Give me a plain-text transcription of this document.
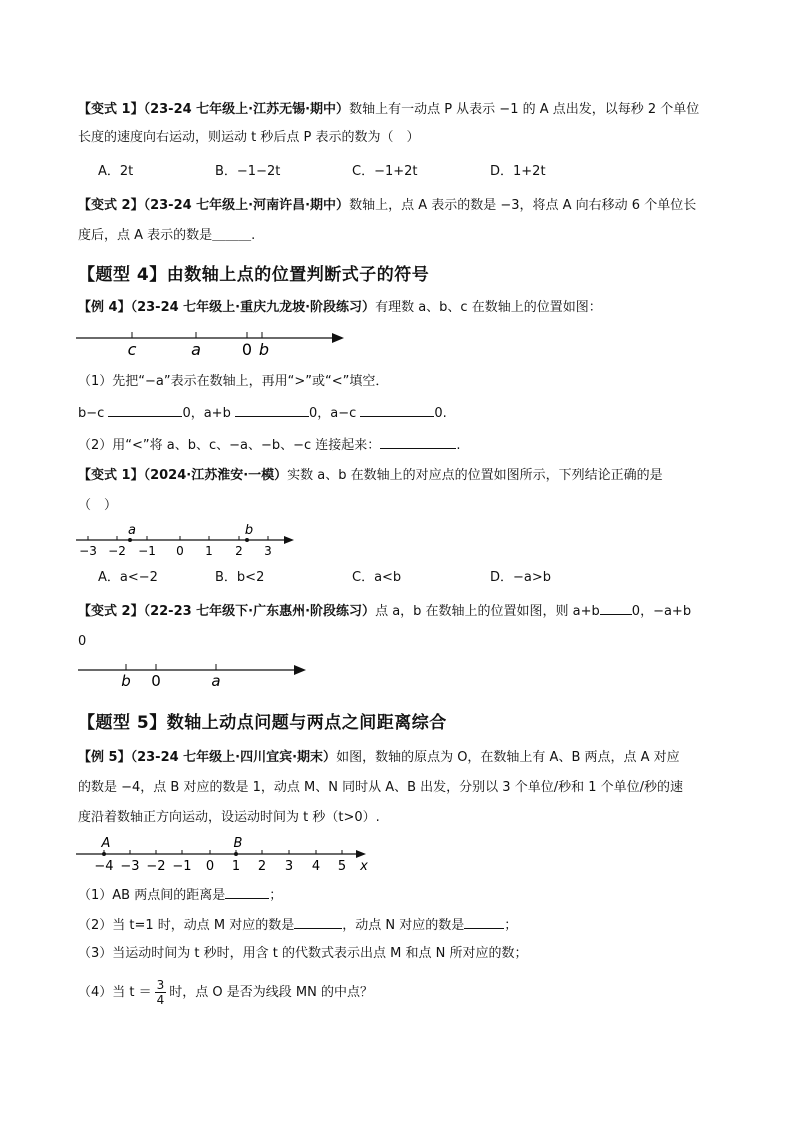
【变式 1】（23-24 七年级上·江苏无锡·期中）数轴上有一动点 P 从表示 −1 的 A 点出发，以每秒 2 个单位
长度的速度向右运动，则运动 t 秒后点 P 表示的数为（　）
A．2t	B．−1−2t	C．−1+2t	D．1+2t
【变式 2】（23-24 七年级上·河南许昌·期中）数轴上，点 A 表示的数是 −3，将点 A 向右移动 6 个单位长
度后，点 A 表示的数是＿＿＿.
【题型 4】由数轴上点的位置判断式子的符号
【例 4】（23-24 七年级上·重庆九龙坡·阶段练习）有理数 a、b、c 在数轴上的位置如图：
c	a	0 b
（1）先把“−a”表示在数轴上，再用“>”或“<”填空．
b−c	0，a+b	0，a−c	0.
（2）用“<”将 a、b、c、−a、−b、−c 连接起来：	.
【变式 1】（2024·江苏淮安·一模）实数 a、b 在数轴上的对应点的位置如图所示，下列结论正确的是
（　）
a	b
−3 −2 −1 0 1 2 3
A．a<−2	B．b<2	C．a<b	D．−a>b
【变式 2】（22-23 七年级下·广东惠州·阶段练习）点 a，b 在数轴上的位置如图，则 a+b 0，−a+b
0
b 0	a
【题型 5】数轴上动点问题与两点之间距离综合
【例 5】（23-24 七年级上·四川宜宾·期末）如图，数轴的原点为 O，在数轴上有 A、B 两点，点 A 对应
的数是 −4，点 B 对应的数是 1，动点 M、N 同时从 A、B 出发，分别以 3 个单位/秒和 1 个单位/秒的速
度沿着数轴正方向运动，设运动时间为 t 秒（t>0）.
A	B
−4 −3 −2 −1 0 1 2 3 4 5 x
（1）AB 两点间的距离是	；
（2）当 t=1 时，动点 M 对应的数是	，动点 N 对应的数是	；
（3）当运动时间为 t 秒时，用含 t 的代数式表示出点 M 和点 N 所对应的数；
（4）当 $t = \frac{3}{4}$ 时，点 O 是否为线段 MN 的中点？
